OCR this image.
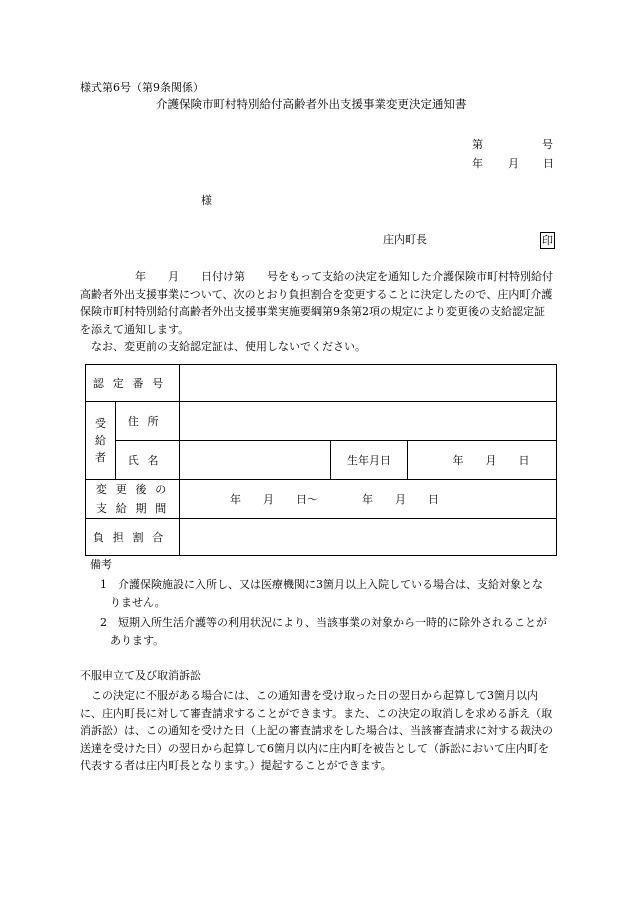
様式第6号（第9条関係）
介護保険市町村特別給付高齢者外出支援事業変更決定通知書
第	号
年 月 日
様
庄内町長	印

　　　　　年　　月　　日付け第　　号をもって支給の決定を通知した介護保険市町村特別給付高齢者外出支援事業について、次のとおり負担割合を変更することに決定したので、庄内町介護保険市町村特別給付高齢者外出支援事業実施要綱第9条第2項の規定により変更後の支給認定証を添えて通知します。

　なお、変更前の支給認定証は、使用しないでください。

認定番号				

受給者	住所			
	氏名		生年月日	年　　月　　日

変更後の
支給期間		年　　月　　日〜　　　　年　　月　　日		
負担割合				
備考
1　介護保険施設に入所し、又は医療機関に3箇月以上入院している場合は、支給対象となりません。
2　短期入所生活介護等の利用状況により、当該事業の対象から一時的に除外されることがあります。
不服申立て及び取消訴訟
　この決定に不服がある場合には、この通知書を受け取った日の翌日から起算して3箇月以内に、庄内町長に対して審査請求することができます。また、この決定の取消しを求める訴え（取消訴訟）は、この通知を受けた日（上記の審査請求をした場合は、当該審査請求に対する裁決の送達を受けた日）の翌日から起算して6箇月以内に庄内町を被告として（訴訟において庄内町を代表する者は庄内町長となります。）提起することができます。
